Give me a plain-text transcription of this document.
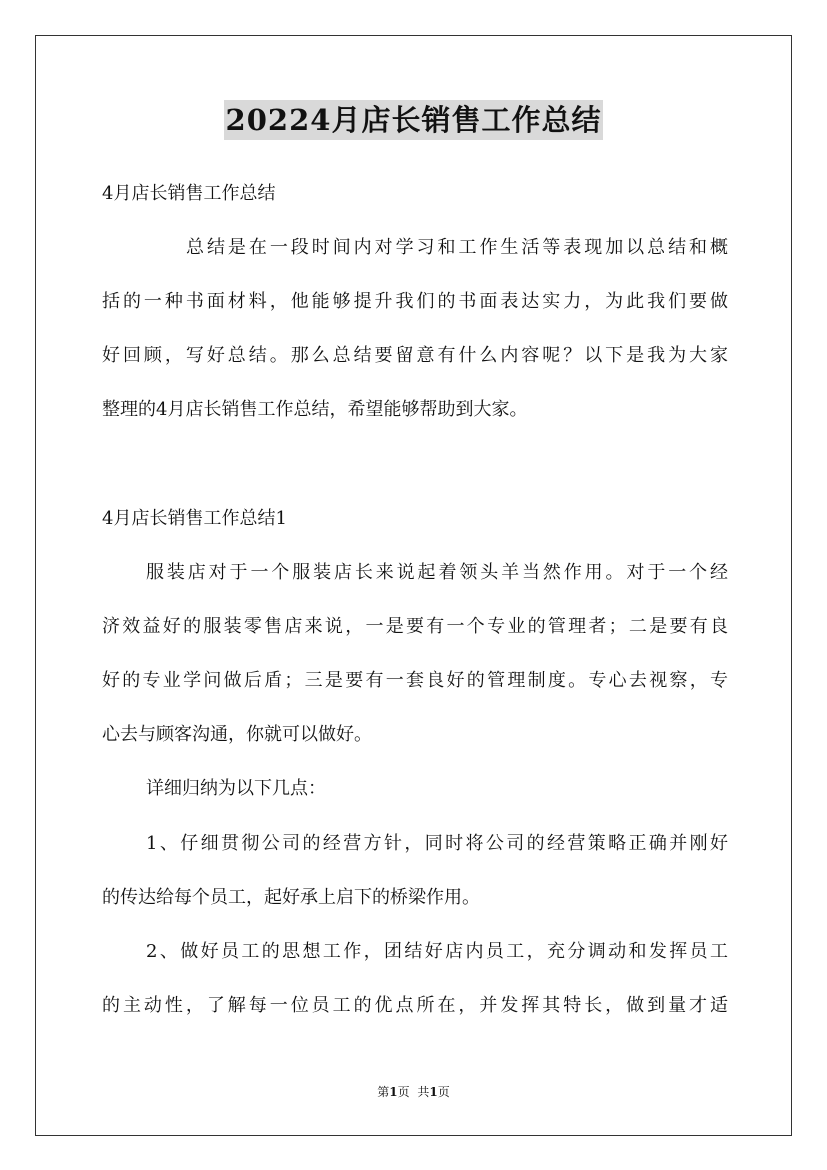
20224月店长销售工作总结
4月店长销售工作总结
总结是在一段时间内对学习和工作生活等表现加以总结和概
括的一种书面材料，他能够提升我们的书面表达实力，为此我们要做
好回顾，写好总结。那么总结要留意有什么内容呢？以下是我为大家
整理的4月店长销售工作总结，希望能够帮助到大家。
4月店长销售工作总结1
服装店对于一个服装店长来说起着领头羊当然作用。对于一个经
济效益好的服装零售店来说，一是要有一个专业的管理者；二是要有良
好的专业学问做后盾；三是要有一套良好的管理制度。专心去视察，专
心去与顾客沟通，你就可以做好。
详细归纳为以下几点：
1、仔细贯彻公司的经营方针，同时将公司的经营策略正确并刚好
的传达给每个员工，起好承上启下的桥梁作用。
2、做好员工的思想工作，团结好店内员工，充分调动和发挥员工
的主动性，了解每一位员工的优点所在，并发挥其特长，做到量才适
第1页 共1页
